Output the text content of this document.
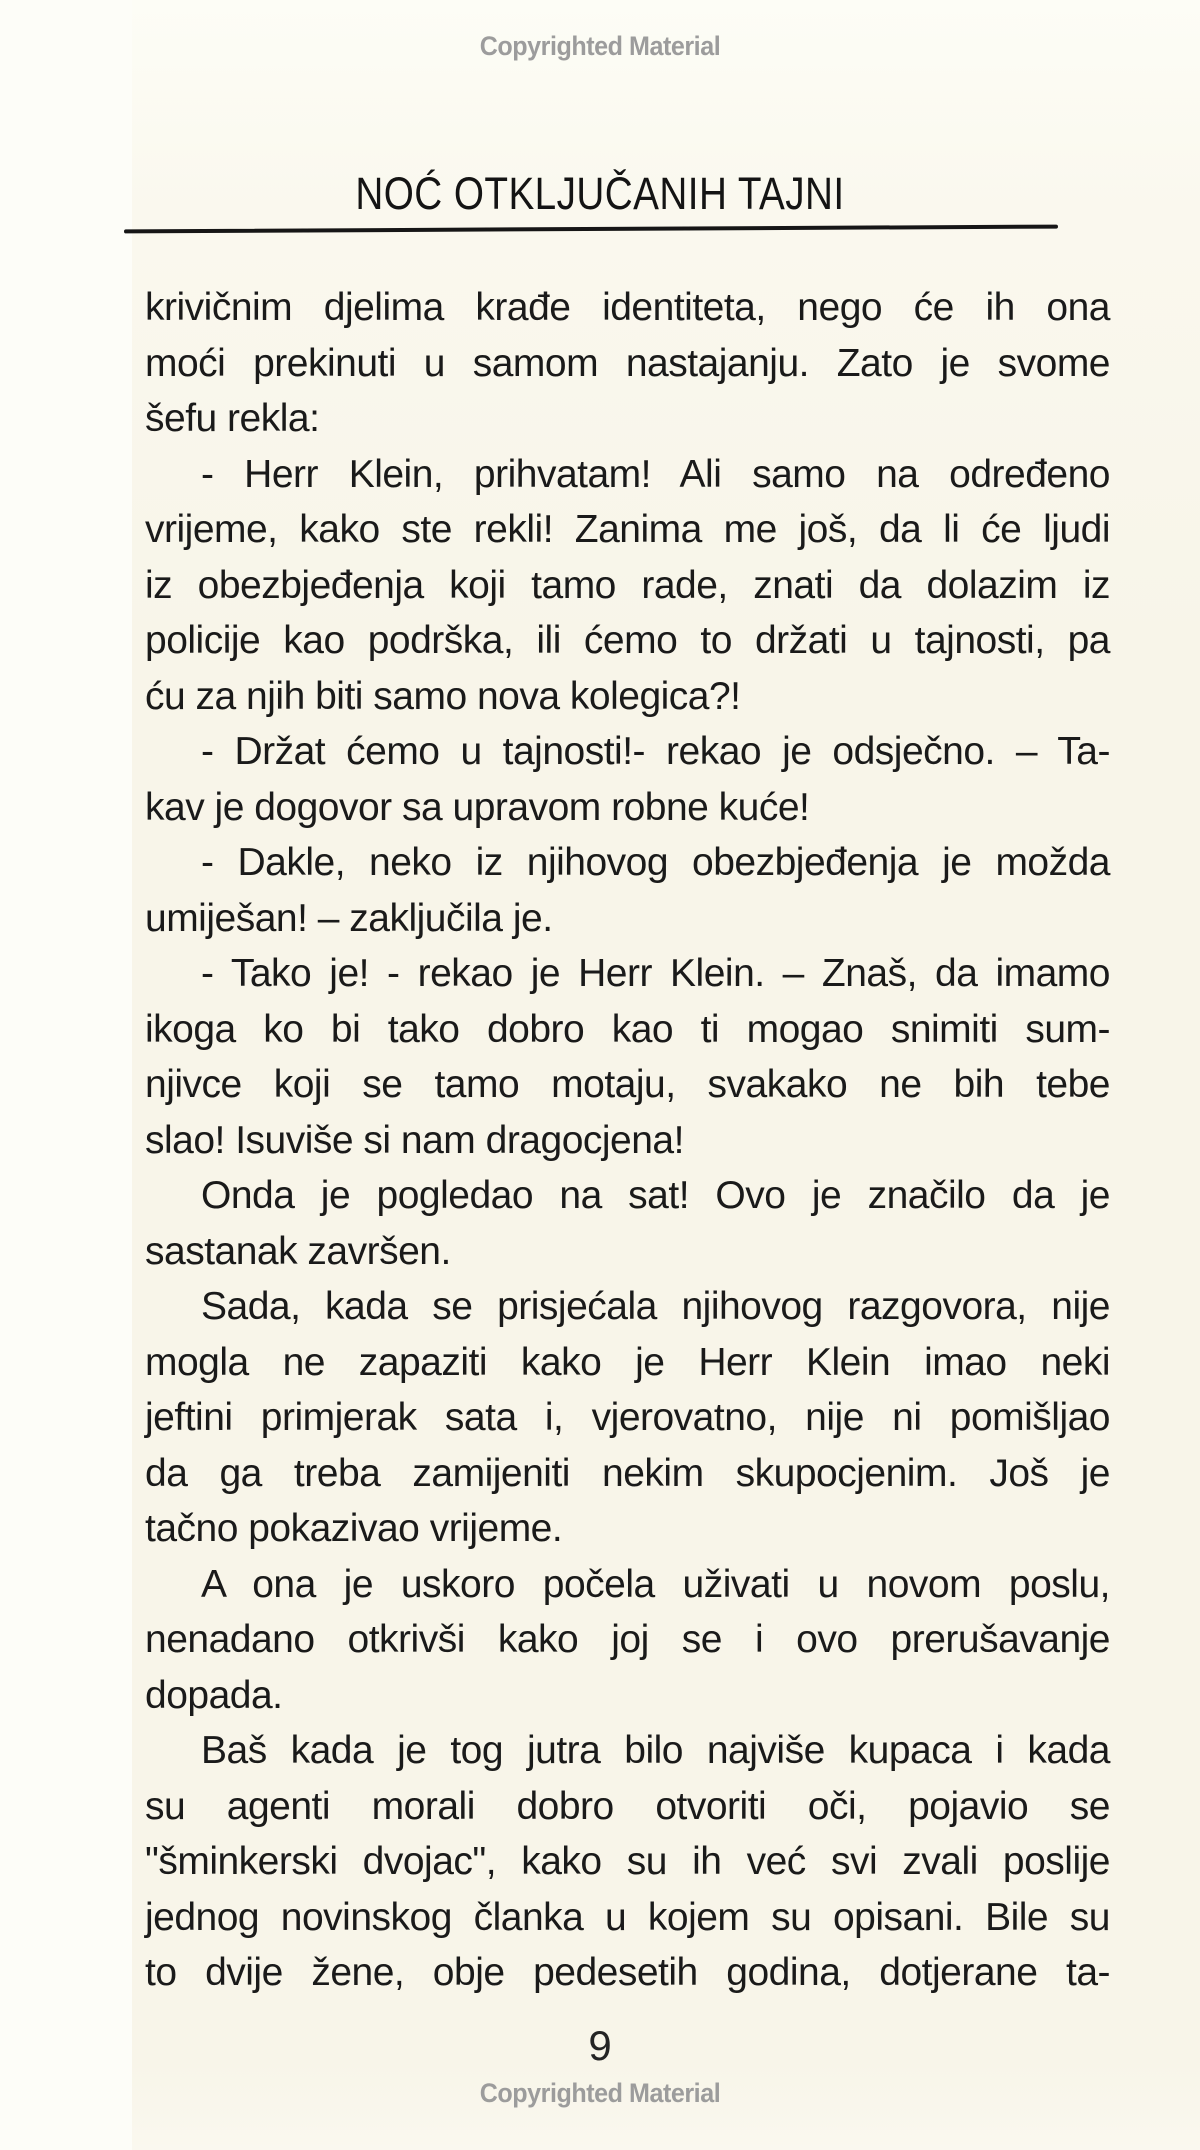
Copyrighted Material
NOĆ OTKLJUČANIH TAJNI
krivičnim djelima krađe identiteta, nego će ih ona
moći prekinuti u samom nastajanju. Zato je svome
šefu rekla:
- Herr Klein, prihvatam! Ali samo na određeno
vrijeme, kako ste rekli! Zanima me još, da li će ljudi
iz obezbjeđenja koji tamo rade, znati da dolazim iz
policije kao podrška, ili ćemo to držati u tajnosti, pa
ću za njih biti samo nova kolegica?!
- Držat ćemo u tajnosti!- rekao je odsječno. – Ta-
kav je dogovor sa upravom robne kuće!
- Dakle, neko iz njihovog obezbjeđenja je možda
umiješan! – zaključila je.
- Tako je! - rekao je Herr Klein. – Znaš, da imamo
ikoga ko bi tako dobro kao ti mogao snimiti sum-
njivce koji se tamo motaju, svakako ne bih tebe
slao! Isuviše si nam dragocjena!
Onda je pogledao na sat! Ovo je značilo da je
sastanak završen.
Sada, kada se prisjećala njihovog razgovora, nije
mogla ne zapaziti kako je Herr Klein imao neki
jeftini primjerak sata i, vjerovatno, nije ni pomišljao
da ga treba zamijeniti nekim skupocjenim. Još je
tačno pokazivao vrijeme.
A ona je uskoro počela uživati u novom poslu,
nenadano otkrivši kako joj se i ovo prerušavanje
dopada.
Baš kada je tog jutra bilo najviše kupaca i kada
su agenti morali dobro otvoriti oči, pojavio se
"šminkerski dvojac", kako su ih već svi zvali poslije
jednog novinskog članka u kojem su opisani. Bile su
to dvije žene, obje pedesetih godina, dotjerane ta-
9
Copyrighted Material
